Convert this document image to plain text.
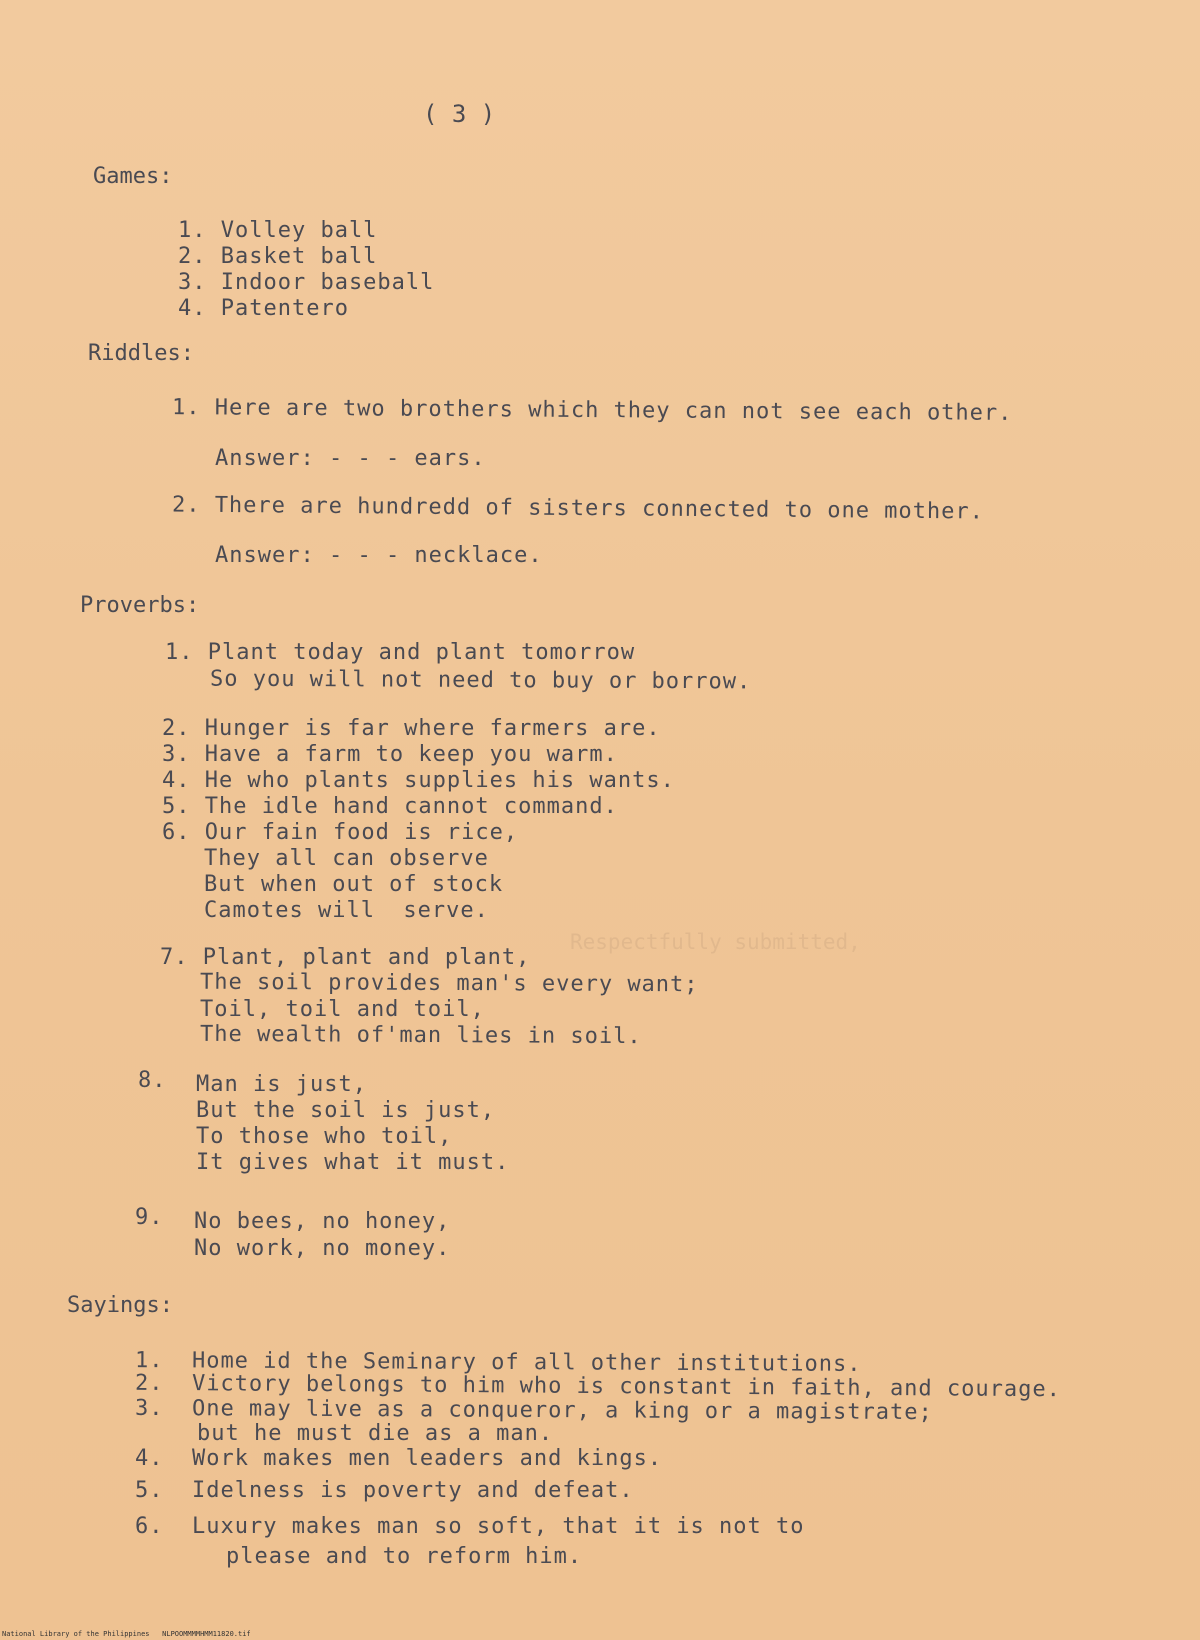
Respectfully submitted,
( 3 )
Games:
1. Volley ball
2. Basket ball
3. Indoor baseball
4. Patentero
Riddles:
1. Here are two brothers which they can not see each other.
Answer: - - - ears.
2. There are hundredd of sisters connected to one mother.
Answer: - - - necklace.
Proverbs:
1. Plant today and plant tomorrow
So you will not need to buy or borrow.
2. Hunger is far where farmers are.
3. Have a farm to keep you warm.
4. He who plants supplies his wants.
5. The idle hand cannot command.
6. Our fain food is rice,
They all can observe
But when out of stock
Camotes will  serve.
7. Plant, plant and plant,
The soil provides man's every want;
Toil, toil and toil,
The wealth of'man lies in soil.
8. Man is just,
But the soil is just,
To those who toil,
It gives what it must.
9. No bees, no honey,
No work, no money.
Sayings:
1.  Home id the Seminary of all other institutions.
2.  Victory belongs to him who is constant in faith, and courage.
3.  One may live as a conqueror, a king or a magistrate;
but he must die as a man.
4.  Work makes men leaders and kings.
5.  Idelness is poverty and defeat.
6.  Luxury makes man so soft, that it is not to
please and to reform him.
National Library of the Philippines   NLPOOMMMMHMM11820.tif
